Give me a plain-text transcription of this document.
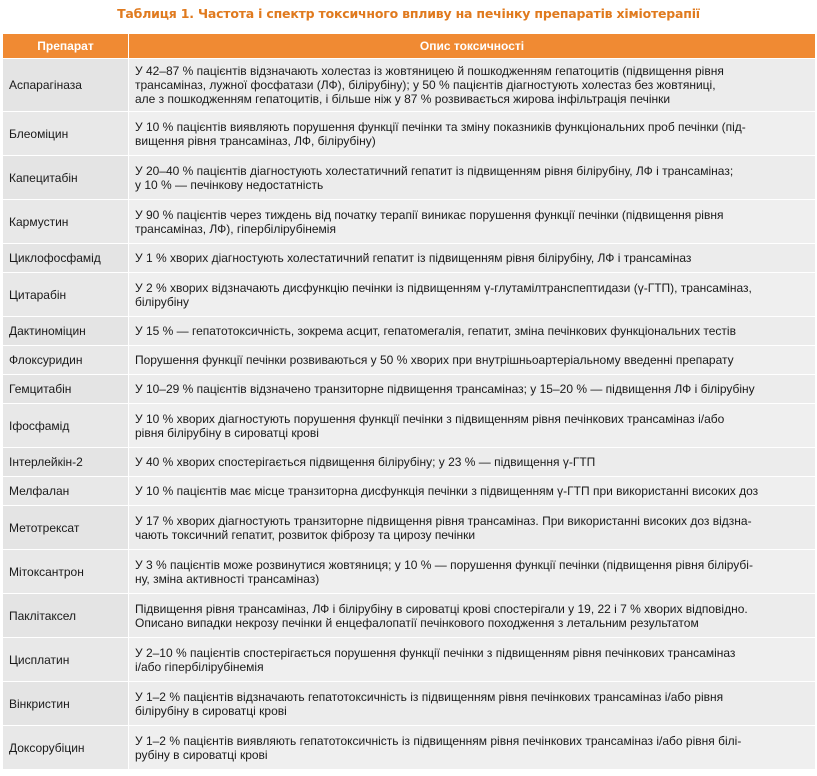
Таблиця 1. Частота і спектр токсичного впливу на печінку препаратів хіміотерапії
Препарат	Опис токсичності
Аспарагіназа	У 42–87 % пацієнтів відзначають холестаз із жовтяницею й пошкодженням гепатоцитів (підвищення рівня
трансаміназ, лужної фосфатази (ЛФ), білірубіну); у 50 % пацієнтів діагностують холестаз без жовтяниці,
але з пошкодженням гепатоцитів, і більше ніж у 87 % розвивається жирова інфільтрація печінки

Блеоміцин	У 10 % пацієнтів виявляють порушення функції печінки та зміну показників функціональних проб печінки (під-
вищення рівня трансаміназ, ЛФ, білірубіну)

Капецитабін	У 20–40 % пацієнтів діагностують холестатичний гепатит із підвищенням рівня білірубіну, ЛФ і трансаміназ;
у 10 % — печінкову недостатність

Кармустин	У 90 % пацієнтів через тиждень від початку терапії виникає порушення функції печінки (підвищення рівня
трансаміназ, ЛФ), гіпербілірубінемія

Циклофосфамід	У 1 % хворих діагностують холестатичний гепатит із підвищенням рівня білірубіну, ЛФ і трансаміназ

Цитарабін	У 2 % хворих відзначають дисфункцію печінки із підвищенням γ-глутамілтранспептидази (γ-ГТП), трансаміназ,
білірубіну

Дактиноміцин	У 15 % — гепатотоксичність, зокрема асцит, гепатомегалія, гепатит, зміна печінкових функціональних тестів

Флоксуридин	Порушення функції печінки розвиваються у 50 % хворих при внутрішньоартеріальному введенні препарату

Гемцитабін	У 10–29 % пацієнтів відзначено транзиторне підвищення трансаміназ; у 15–20 % — підвищення ЛФ і білірубіну

Іфосфамід	У 10 % хворих діагностують порушення функції печінки з підвищенням рівня печінкових трансаміназ і/або
рівня білірубіну в сироватці крові

Інтерлейкін-2	У 40 % хворих спостерігається підвищення білірубіну; у 23 % — підвищення γ-ГТП

Мелфалан	У 10 % пацієнтів має місце транзиторна дисфункція печінки з підвищенням γ-ГТП при використанні високих доз

Метотрексат	У 17 % хворих діагностують транзиторне підвищення рівня трансаміназ. При використанні високих доз відзна-
чають токсичний гепатит, розвиток фіброзу та цирозу печінки

Мітоксантрон	У 3 % пацієнтів може розвинутися жовтяниця; у 10 % — порушення функції печінки (підвищення рівня білірубі-
ну, зміна активності трансаміназ)

Паклітаксел	Підвищення рівня трансаміназ, ЛФ і білірубіну в сироватці крові спостерігали у 19, 22 і 7 % хворих відповідно.
Описано випадки некрозу печінки й енцефалопатії печінкового походження з летальним результатом

Цисплатин	У 2–10 % пацієнтів спостерігається порушення функції печінки з підвищенням рівня печінкових трансаміназ
і/або гіпербілірубінемія

Вінкристин	У 1–2 % пацієнтів відзначають гепатотоксичність із підвищенням рівня печінкових трансаміназ і/або рівня
білірубіну в сироватці крові

Доксорубіцин	У 1–2 % пацієнтів виявляють гепатотоксичність із підвищенням рівня печінкових трансаміназ і/або рівня білі-
рубіну в сироватці крові
